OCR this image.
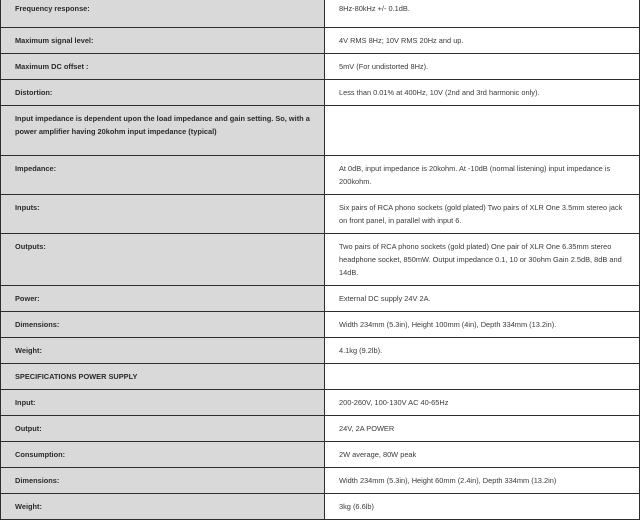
Frequency response:	8Hz-80kHz +/- 0.1dB.
Maximum signal level:	4V RMS 8Hz; 10V RMS 20Hz and up.
Maximum DC offset :	5mV (For undistorted 8Hz).
Distortion:	Less than 0.01% at 400Hz, 10V (2nd and 3rd harmonic only).
Input impedance is dependent upon the load impedance and gain setting. So, with a power amplifier having 20kohm input impedance (typical)	
Impedance:	At 0dB, input impedance is 20kohm. At -10dB (normal listening) input impedance is 200kohm.
Inputs:	Six pairs of RCA phono sockets (gold plated) Two pairs of XLR One 3.5mm stereo jack on front panel, in parallel with input 6.
Outputs:	Two pairs of RCA phono sockets (gold plated) One pair of XLR One 6.35mm stereo headphone socket, 850mW. Output impedance 0.1, 10 or 30ohm Gain 2.5dB, 8dB and 14dB.
Power:	External DC supply 24V 2A.
Dimensions:	Width 234mm (5.3in), Height 100mm (4in), Depth 334mm (13.2in).
Weight:	4.1kg (9.2lb).
SPECIFICATIONS POWER SUPPLY	
Input:	200-260V, 100-130V AC 40-65Hz
Output:	24V, 2A POWER
Consumption:	2W average, 80W peak
Dimensions:	Width 234mm (5.3in), Height 60mm (2.4in), Depth 334mm (13.2in)
Weight:	3kg (6.6lb)
